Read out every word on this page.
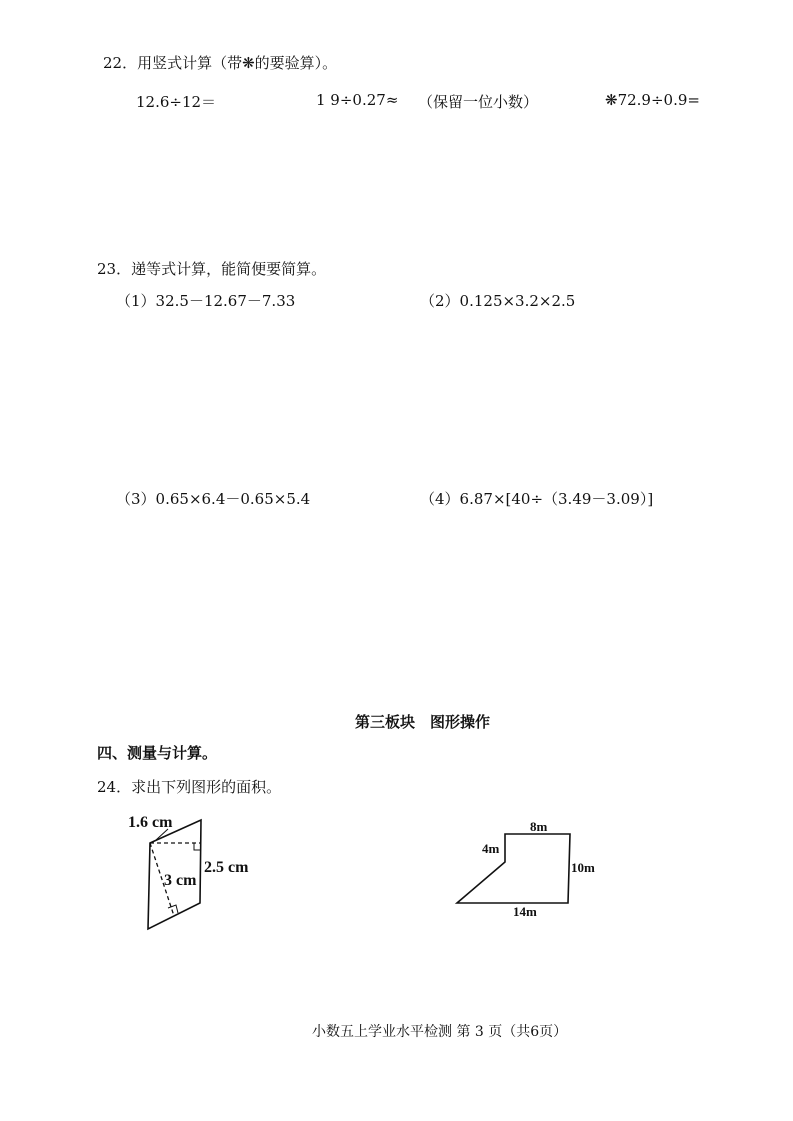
22．用竖式计算（带❋的要验算）。
12.6÷12＝	1 9÷0.27≈ （保留一位小数）	❋72.9÷0.9=
23．递等式计算，能简便要简算。
（1）32.5－12.67－7.33	（2）0.125×3.2×2.5
（3）0.65×6.4－0.65×5.4	（4）6.87×[40÷（3.49－3.09）]
第三板块　图形操作
四、测量与计算。
24．求出下列图形的面积。
1.6 cm
2.5 cm
3 cm
8m
4m
10m
14m
小数五上学业水平检测 第 3 页（共6页）
